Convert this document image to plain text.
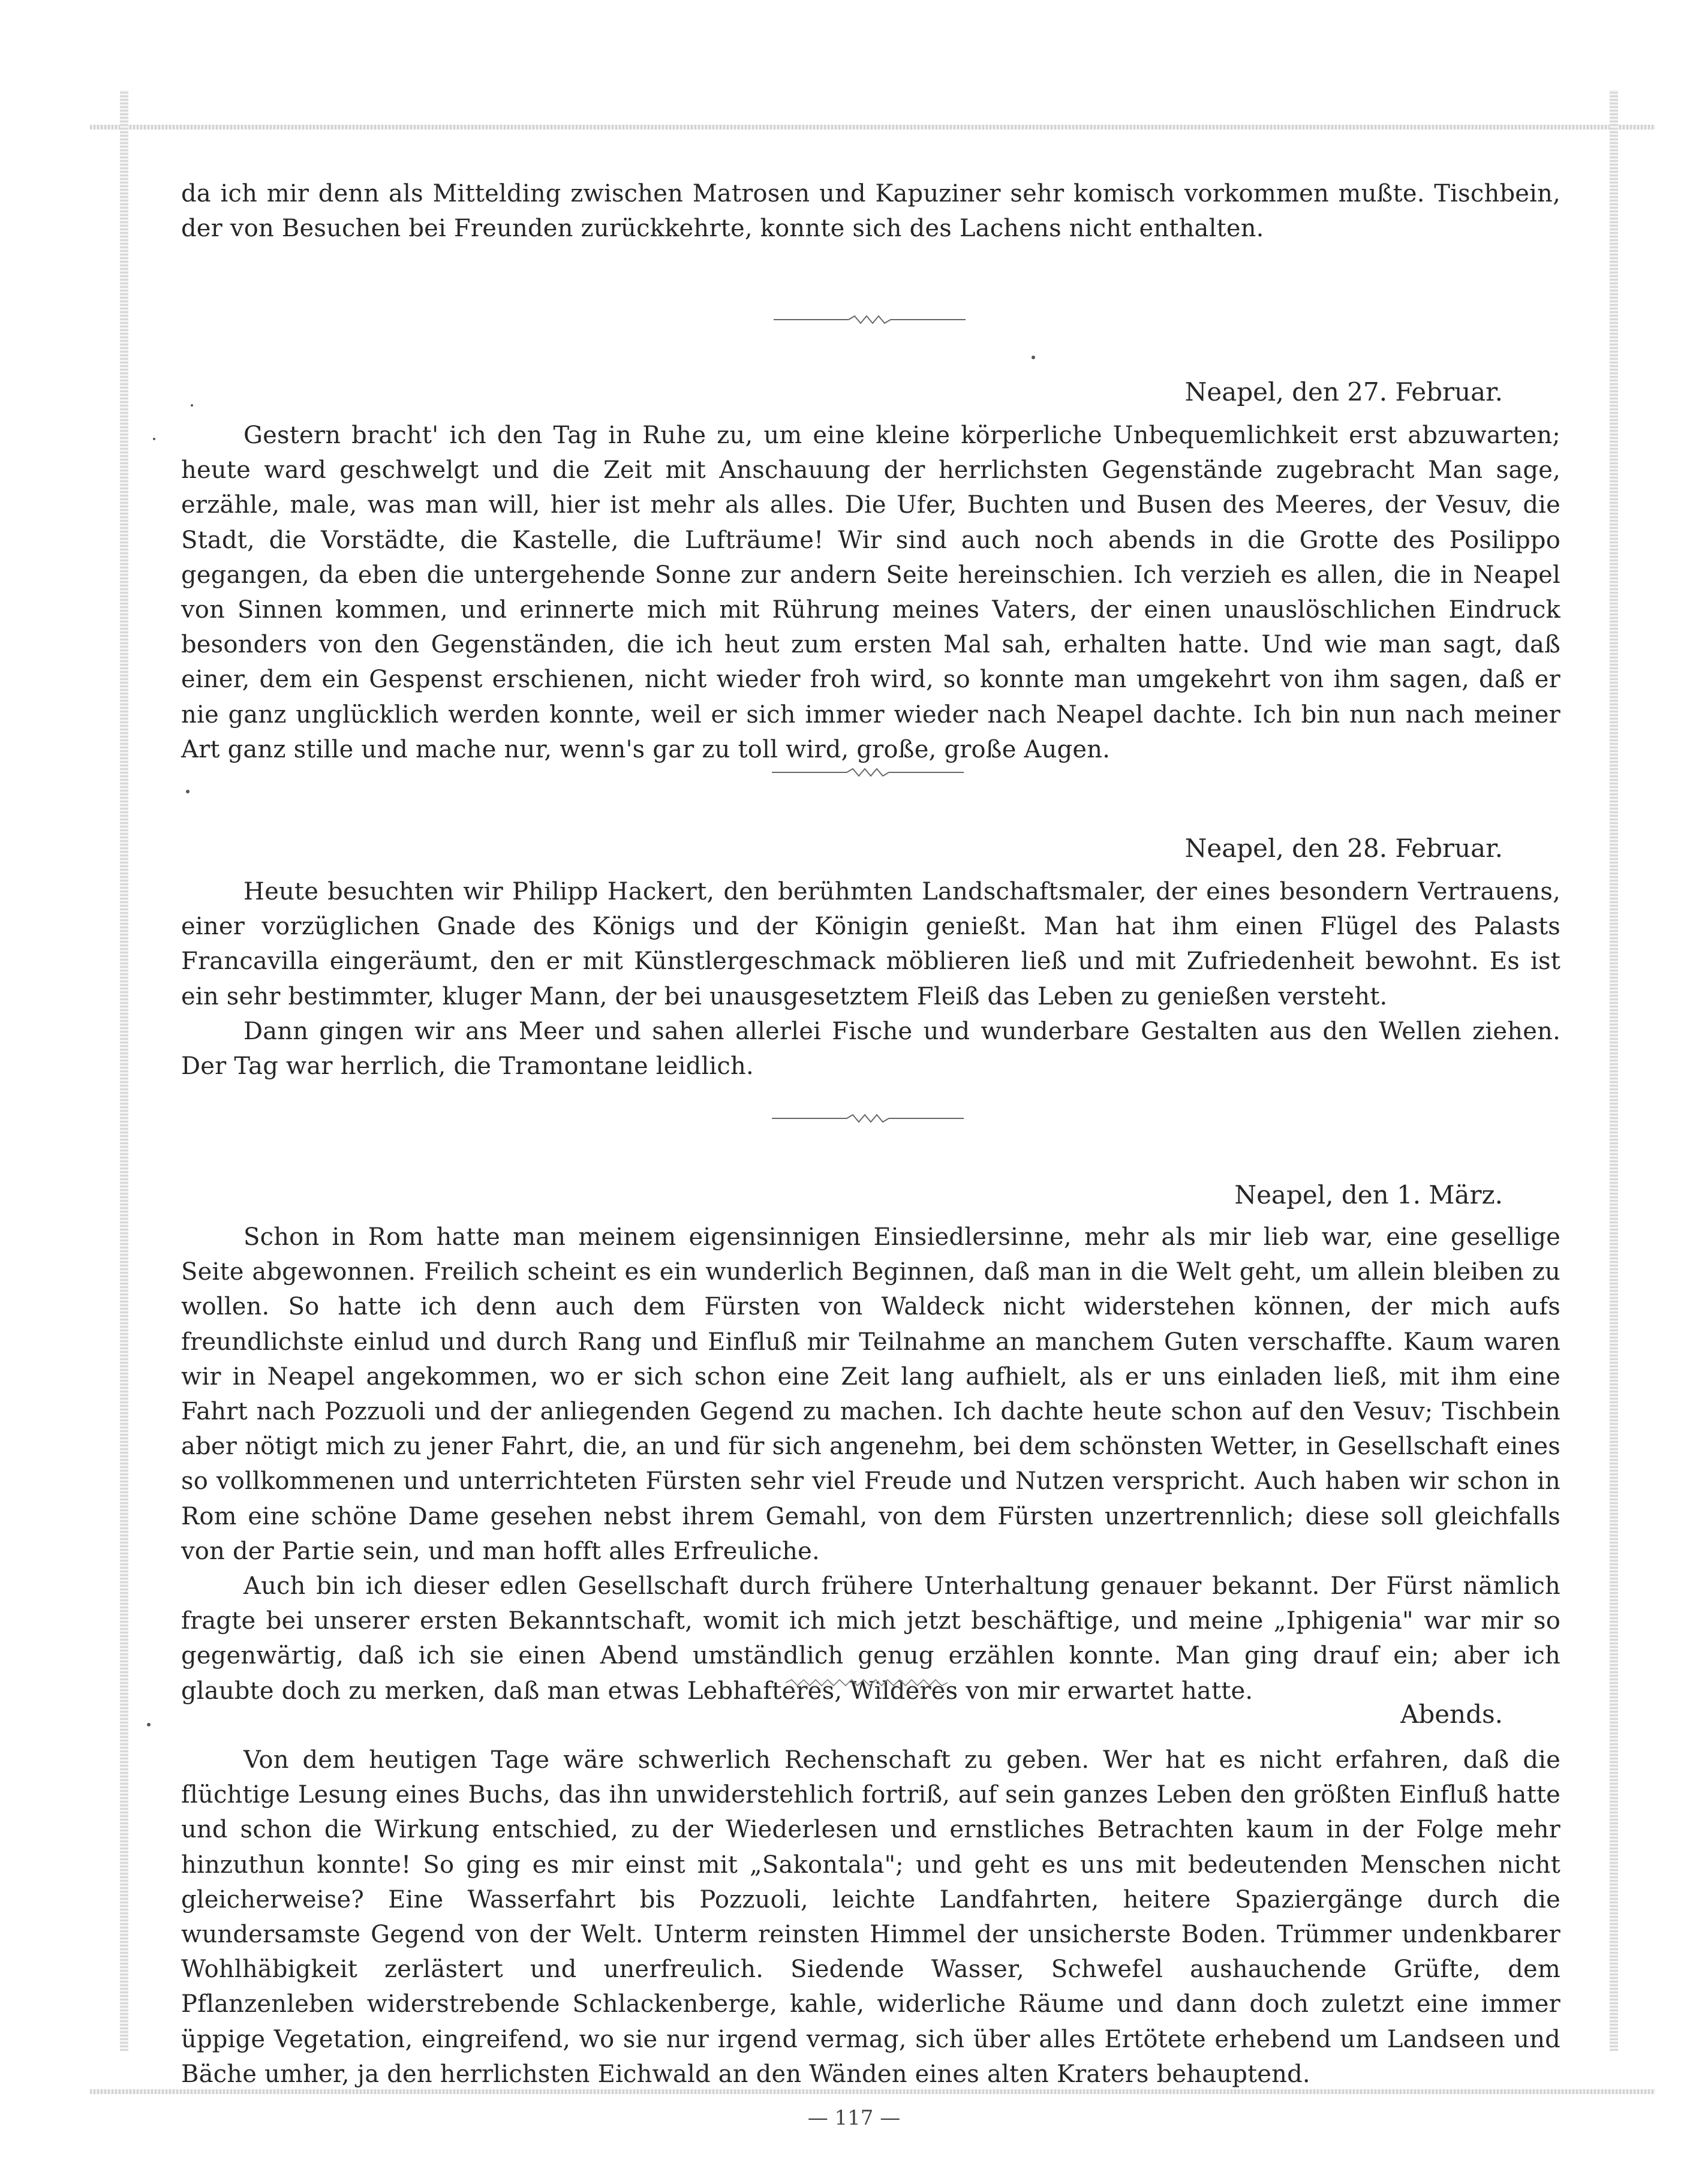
da ich mir denn als Mittelding zwischen Matrosen und Kapuziner sehr komisch vorkommen mußte. Tischbein, der von Besuchen bei Freunden zurückkehrte, konnte sich des Lachens nicht enthalten.

Neapel, den 27. Februar.

Gestern bracht' ich den Tag in Ruhe zu, um eine kleine körperliche Unbequemlichkeit erst abzuwarten; heute ward geschwelgt und die Zeit mit Anschauung der herrlichsten Gegenstände zugebracht Man sage, erzähle, male, was man will, hier ist mehr als alles. Die Ufer, Buchten und Busen des Meeres, der Vesuv, die Stadt, die Vorstädte, die Kastelle, die Lufträume! Wir sind auch noch abends in die Grotte des Posilippo gegangen, da eben die untergehende Sonne zur andern Seite hereinschien. Ich verzieh es allen, die in Neapel von Sinnen kommen, und erinnerte mich mit Rührung meines Vaters, der einen unauslöschlichen Eindruck besonders von den Gegenständen, die ich heut zum ersten Mal sah, erhalten hatte. Und wie man sagt, daß einer, dem ein Gespenst erschienen, nicht wieder froh wird, so konnte man umgekehrt von ihm sagen, daß er nie ganz unglücklich werden konnte, weil er sich immer wieder nach Neapel dachte. Ich bin nun nach meiner Art ganz stille und mache nur, wenn's gar zu toll wird, große, große Augen.

Neapel, den 28. Februar.

Heute besuchten wir Philipp Hackert, den berühmten Landschaftsmaler, der eines besondern Vertrauens, einer vorzüglichen Gnade des Königs und der Königin genießt. Man hat ihm einen Flügel des Palasts Francavilla eingeräumt, den er mit Künstlergeschmack möblieren ließ und mit Zufriedenheit bewohnt. Es ist ein sehr bestimmter, kluger Mann, der bei unausgesetztem Fleiß das Leben zu genießen versteht.

Dann gingen wir ans Meer und sahen allerlei Fische und wunderbare Gestalten aus den Wellen ziehen. Der Tag war herrlich, die Tramontane leidlich.

Neapel, den 1. März.

Schon in Rom hatte man meinem eigensinnigen Einsiedlersinne, mehr als mir lieb war, eine gesellige Seite abgewonnen. Freilich scheint es ein wunderlich Beginnen, daß man in die Welt geht, um allein bleiben zu wollen. So hatte ich denn auch dem Fürsten von Waldeck nicht widerstehen können, der mich aufs freundlichste einlud und durch Rang und Einfluß mir Teilnahme an manchem Guten verschaffte. Kaum waren wir in Neapel angekommen, wo er sich schon eine Zeit lang aufhielt, als er uns einladen ließ, mit ihm eine Fahrt nach Pozzuoli und der anliegenden Gegend zu machen. Ich dachte heute schon auf den Vesuv; Tischbein aber nötigt mich zu jener Fahrt, die, an und für sich angenehm, bei dem schönsten Wetter, in Gesellschaft eines so vollkommenen und unterrichteten Fürsten sehr viel Freude und Nutzen verspricht. Auch haben wir schon in Rom eine schöne Dame gesehen nebst ihrem Gemahl, von dem Fürsten unzertrennlich; diese soll gleichfalls von der Partie sein, und man hofft alles Erfreuliche.

Auch bin ich dieser edlen Gesellschaft durch frühere Unterhaltung genauer bekannt. Der Fürst nämlich fragte bei unserer ersten Bekanntschaft, womit ich mich jetzt beschäftige, und meine „Iphigenia" war mir so gegenwärtig, daß ich sie einen Abend umständlich genug erzählen konnte. Man ging drauf ein; aber ich glaubte doch zu merken, daß man etwas Lebhafteres, Wilderes von mir erwartet hatte.

Abends.

Von dem heutigen Tage wäre schwerlich Rechenschaft zu geben. Wer hat es nicht erfahren, daß die flüchtige Lesung eines Buchs, das ihn unwiderstehlich fortriß, auf sein ganzes Leben den größten Einfluß hatte und schon die Wirkung entschied, zu der Wiederlesen und ernstliches Betrachten kaum in der Folge mehr hinzuthun konnte! So ging es mir einst mit „Sakontala"; und geht es uns mit bedeutenden Menschen nicht gleicherweise? Eine Wasserfahrt bis Pozzuoli, leichte Landfahrten, heitere Spaziergänge durch die wundersamste Gegend von der Welt. Unterm reinsten Himmel der unsicherste Boden. Trümmer undenkbarer Wohlhäbigkeit zerlästert und unerfreulich. Siedende Wasser, Schwefel aushauchende Grüfte, dem Pflanzenleben widerstrebende Schlackenberge, kahle, widerliche Räume und dann doch zuletzt eine immer üppige Vegetation, eingreifend, wo sie nur irgend vermag, sich über alles Ertötete erhebend um Landseen und Bäche umher, ja den herrlichsten Eichwald an den Wänden eines alten Kraters behauptend.

— 117 —
